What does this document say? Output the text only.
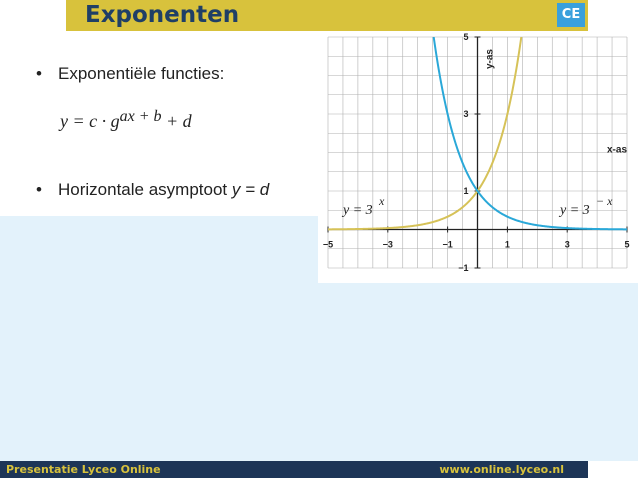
Exponenten	CE
• Exponentiële functies:
$y = c \cdot g^{ax + b} + d$
• Horizontale asymptoot y = d
−5	−3	−1	1	3	5
−1
1
3
5
y-as
x-as
y = 3
x
y = 3
− x
Presentatie Lyceo Online	www.online.lyceo.nl
